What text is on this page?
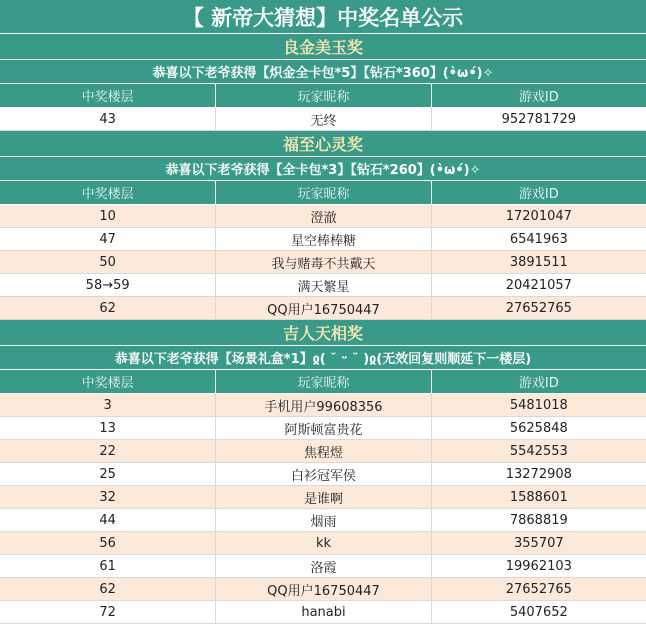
【 新帝大猜想】中奖名单公示
良金美玉奖
恭喜以下老爷获得【炽金全卡包*5】【钻石*360】(•̀ω•́)✧
中奖楼层	玩家昵称	游戏ID
43	无终	952781729
福至心灵奖
恭喜以下老爷获得【全卡包*3】【钻石*260】(•̀ω•́)✧
中奖楼层	玩家昵称	游戏ID
10	澄澈	17201047
47	星空棒棒糖	6541963
50	我与赌毒不共戴天	3891511
58→59	满天繁星	20421057
62	QQ用户16750447	27652765
吉人天相奖
恭喜以下老爷获得【场景礼盒*1】ჲ( ˘ ᵕ ˘ )ჲ(无效回复则顺延下一楼层)
中奖楼层	玩家昵称	游戏ID
3	手机用户99608356	5481018
13	阿斯顿富贵花	5625848
22	焦程煜	5542553
25	白衫冠军侯	13272908
32	是谁啊	1588601
44	烟雨	7868819
56	kk	355707
61	洛霞	19962103
62	QQ用户16750447	27652765
72	hanabi	5407652
